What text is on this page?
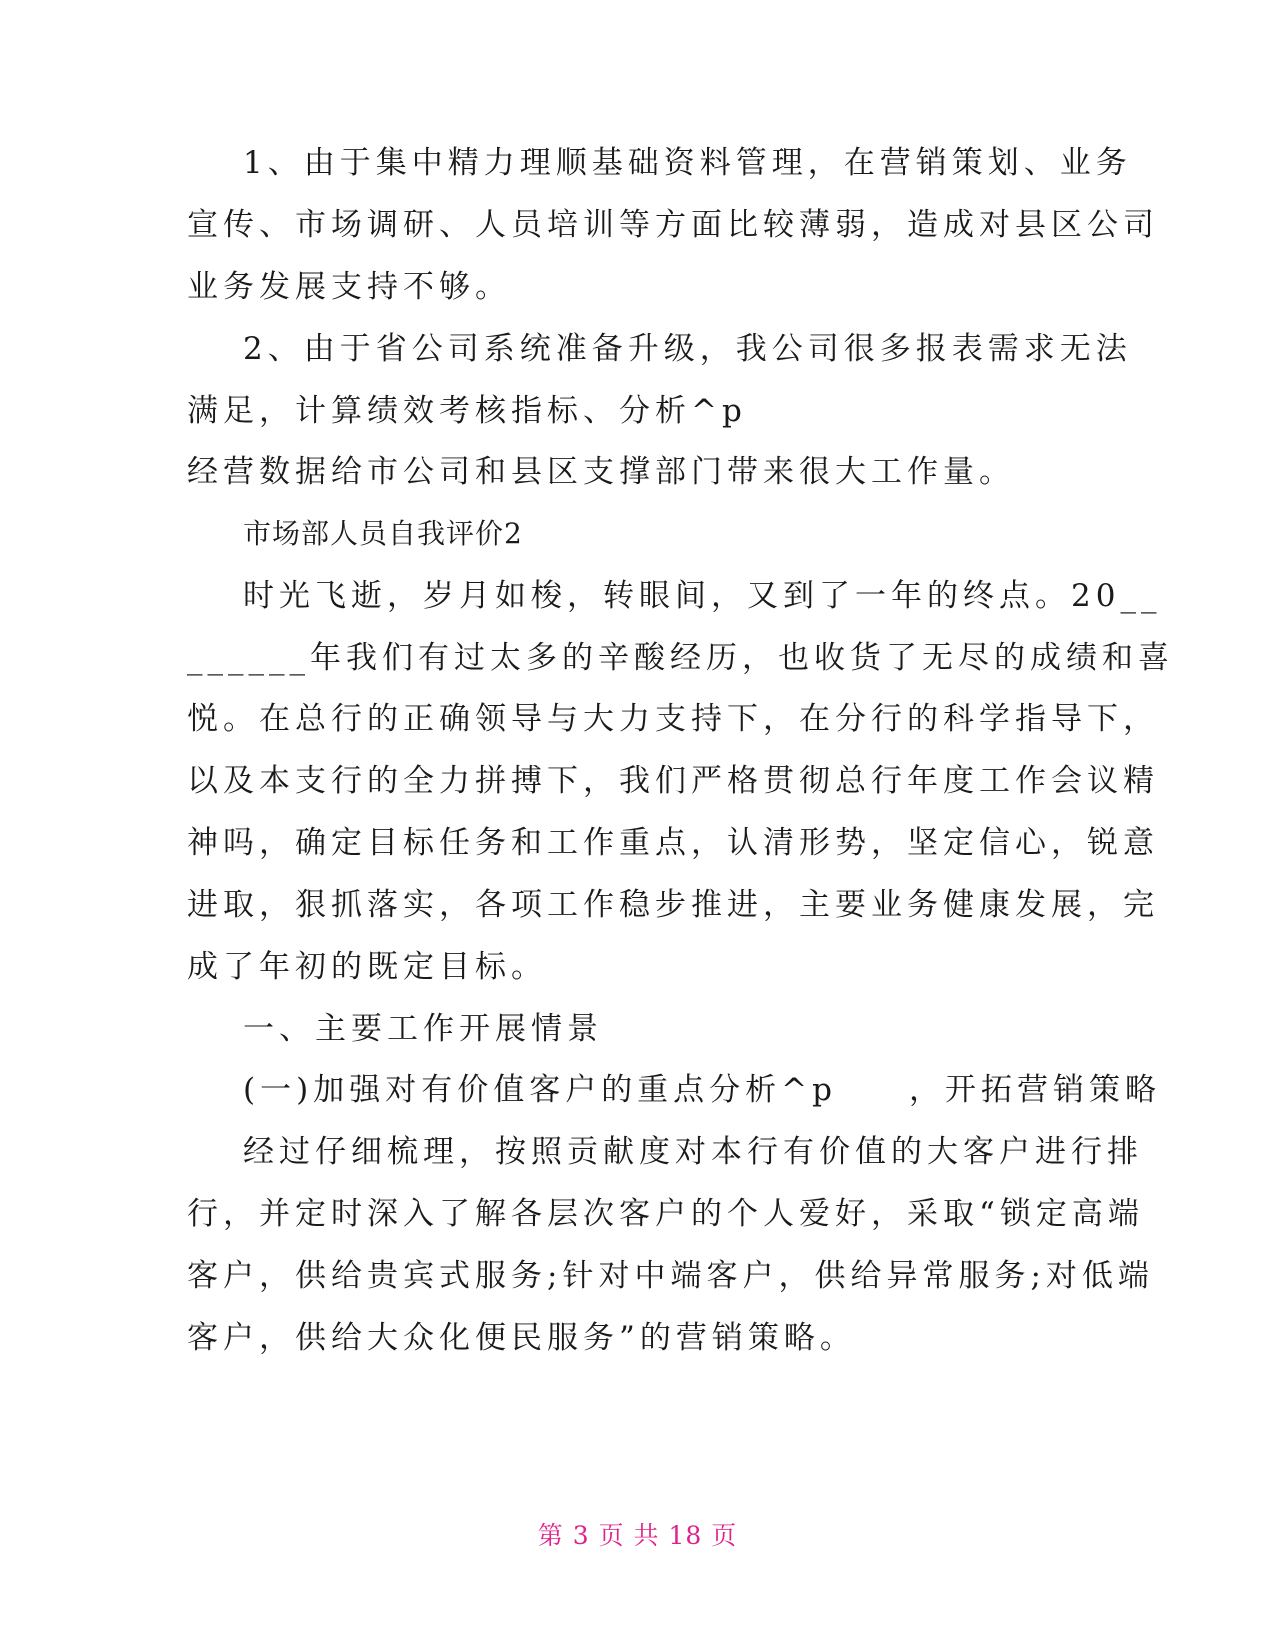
1、由于集中精力理顺基础资料管理，在营销策划、业务
宣传、市场调研、人员培训等方面比较薄弱，造成对县区公司
业务发展支持不够。
2、由于省公司系统准备升级，我公司很多报表需求无法
满足，计算绩效考核指标、分析^p
经营数据给市公司和县区支撑部门带来很大工作量。
市场部人员自我评价2
时光飞逝，岁月如梭，转眼间，又到了一年的终点。20__
______年我们有过太多的辛酸经历，也收货了无尽的成绩和喜
悦。在总行的正确领导与大力支持下，在分行的科学指导下，
以及本支行的全力拼搏下，我们严格贯彻总行年度工作会议精
神吗，确定目标任务和工作重点，认清形势，坚定信心，锐意
进取，狠抓落实，各项工作稳步推进，主要业务健康发展，完
成了年初的既定目标。
一、主要工作开展情景
(一)加强对有价值客户的重点分析^p　　，开拓营销策略
经过仔细梳理，按照贡献度对本行有价值的大客户进行排
行，并定时深入了解各层次客户的个人爱好，采取“锁定高端
客户，供给贵宾式服务;针对中端客户，供给异常服务;对低端
客户，供给大众化便民服务”的营销策略。
第 3 页 共 18 页
